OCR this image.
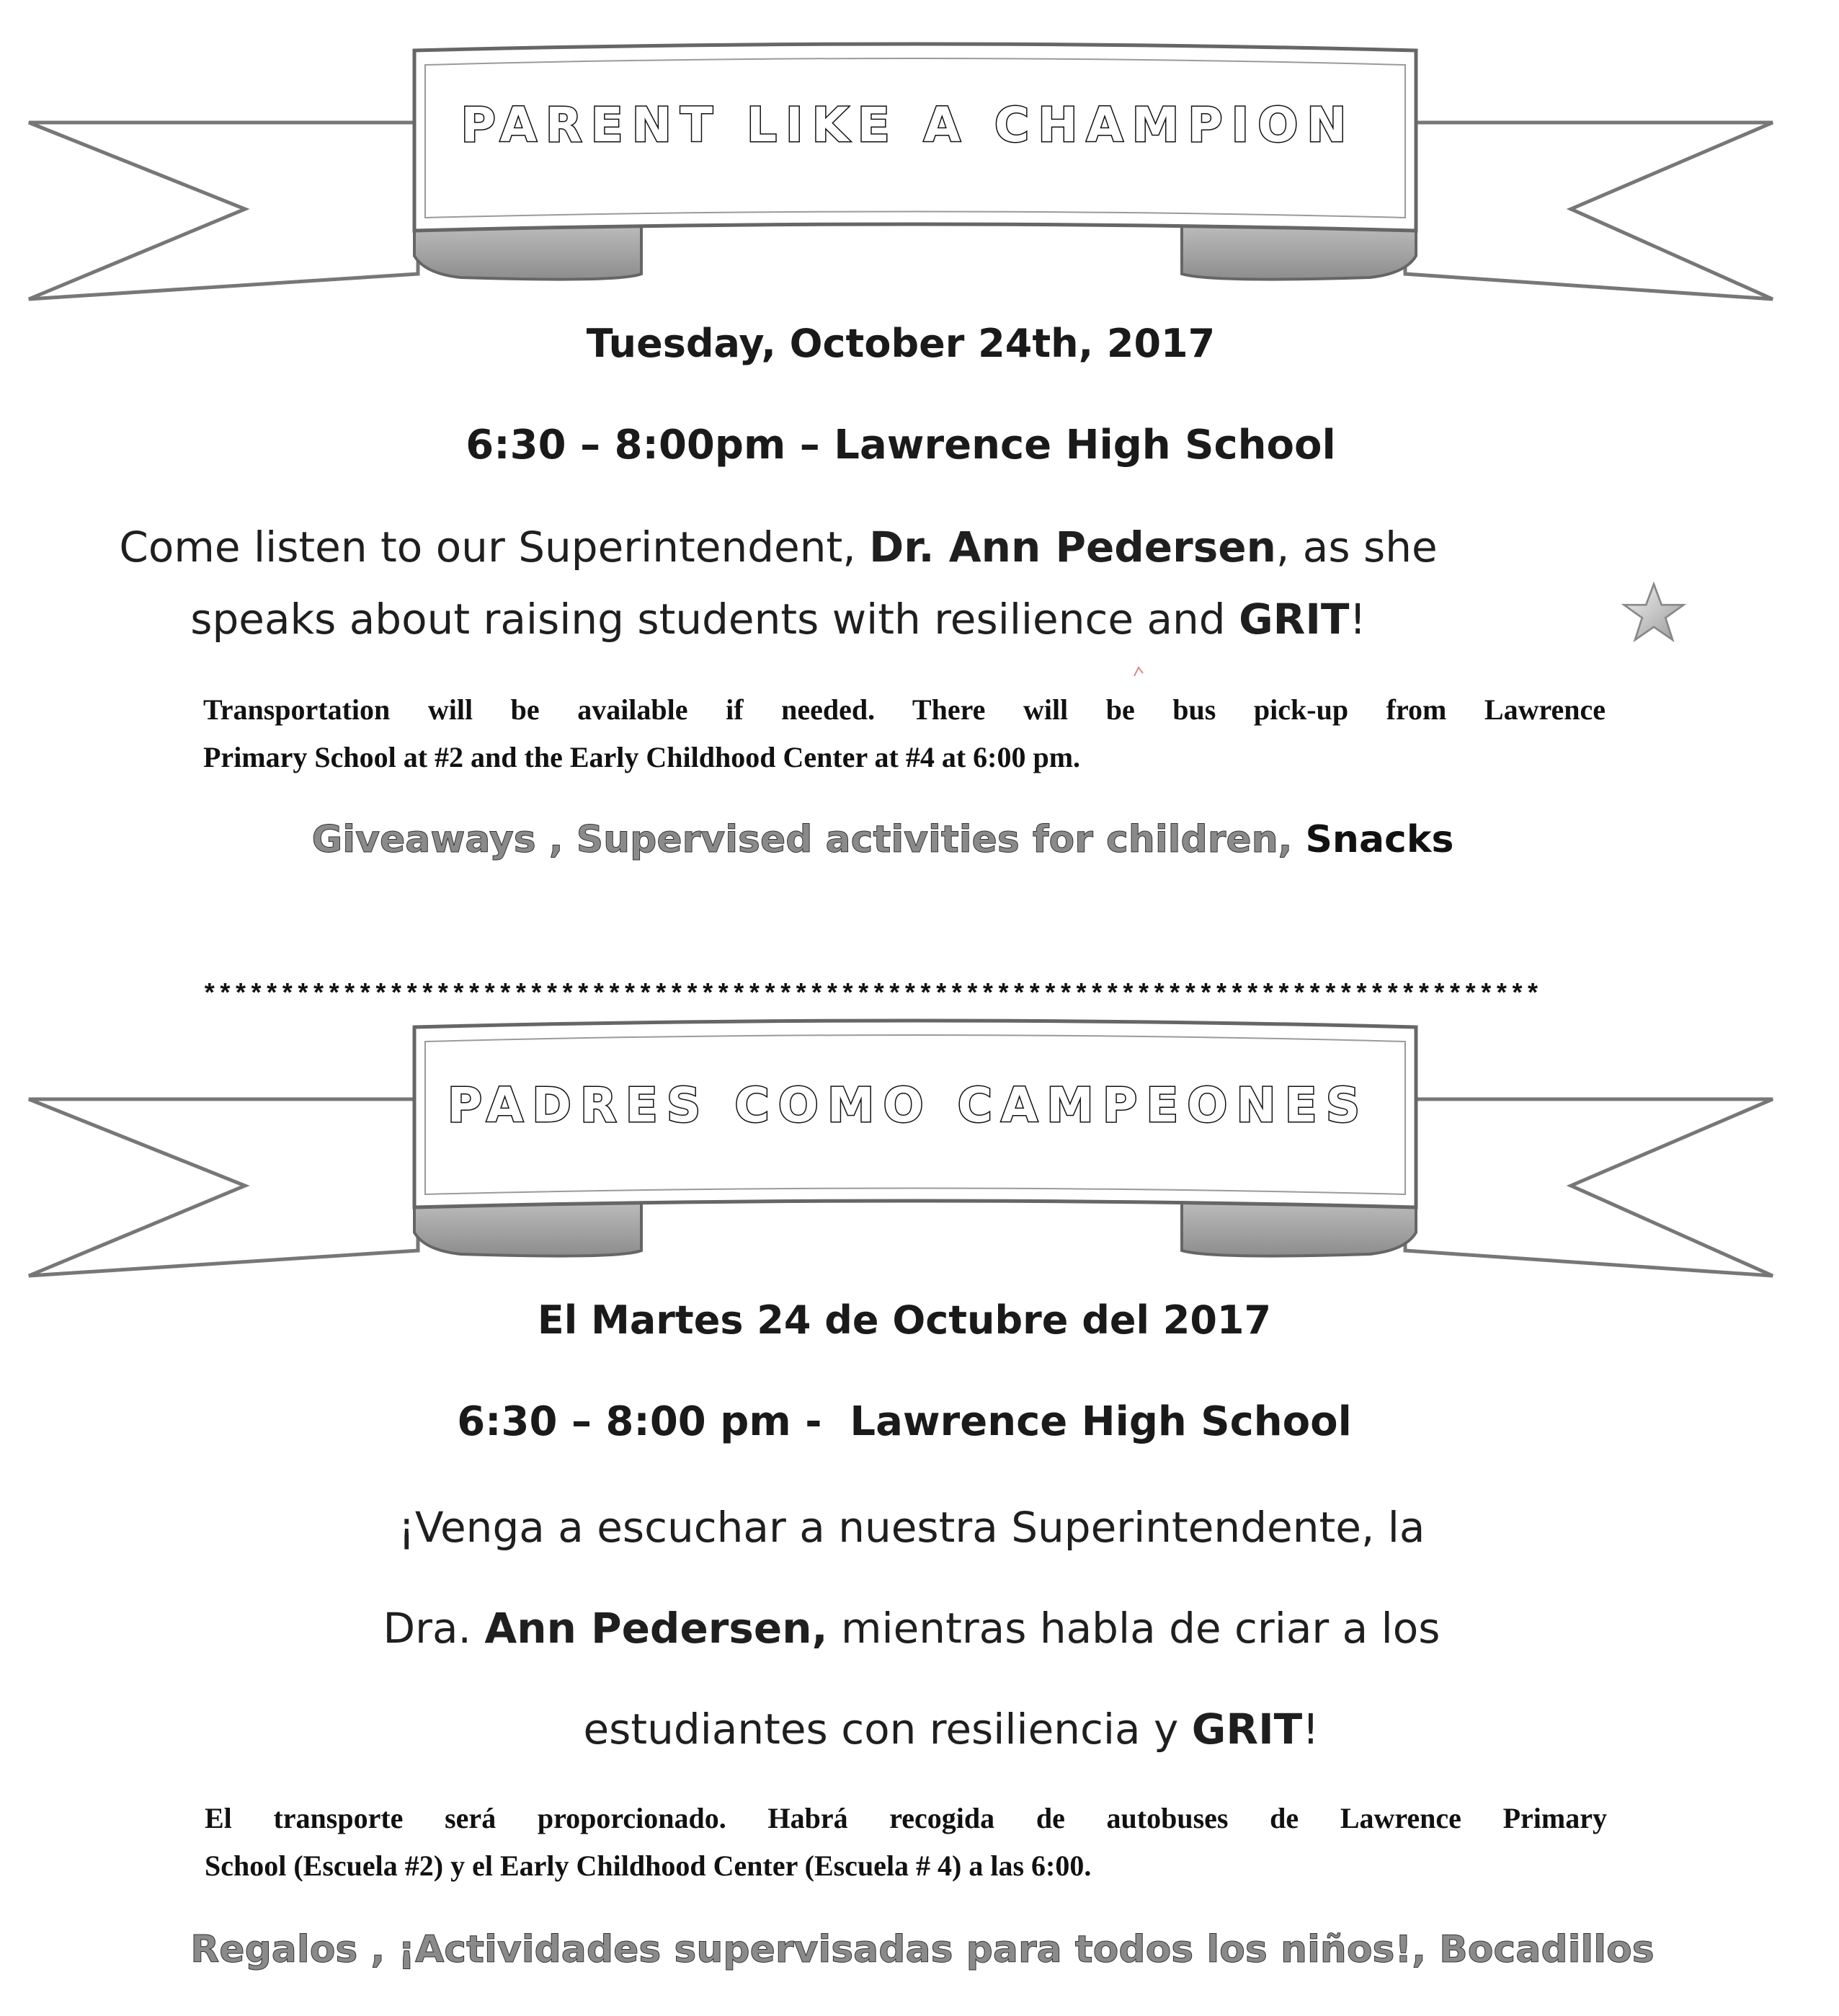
PARENT LIKE A CHAMPION
Tuesday, October 24th, 2017
6:30 – 8:00pm – Lawrence High School
Come listen to our Superintendent, Dr. Ann Pedersen, as she
speaks about raising students with resilience and GRIT!
Transportation will be available if needed. There will be bus pick-up from Lawrence
Primary School at #2 and the Early Childhood Center at #4 at 6:00 pm.
Giveaways , Supervised activities for children, Snacks
**************************************************************************************
PADRES COMO CAMPEONES
El Martes 24 de Octubre del 2017
6:30 – 8:00 pm -  Lawrence High School
¡Venga a escuchar a nuestra Superintendente, la
Dra. Ann Pedersen, mientras habla de criar a los
estudiantes con resiliencia y GRIT!
El transporte será proporcionado. Habrá recogida de autobuses de Lawrence Primary
School (Escuela #2) y el Early Childhood Center (Escuela # 4) a las 6:00.
Regalos , ¡Actividades supervisadas para todos los niños!, Bocadillos
